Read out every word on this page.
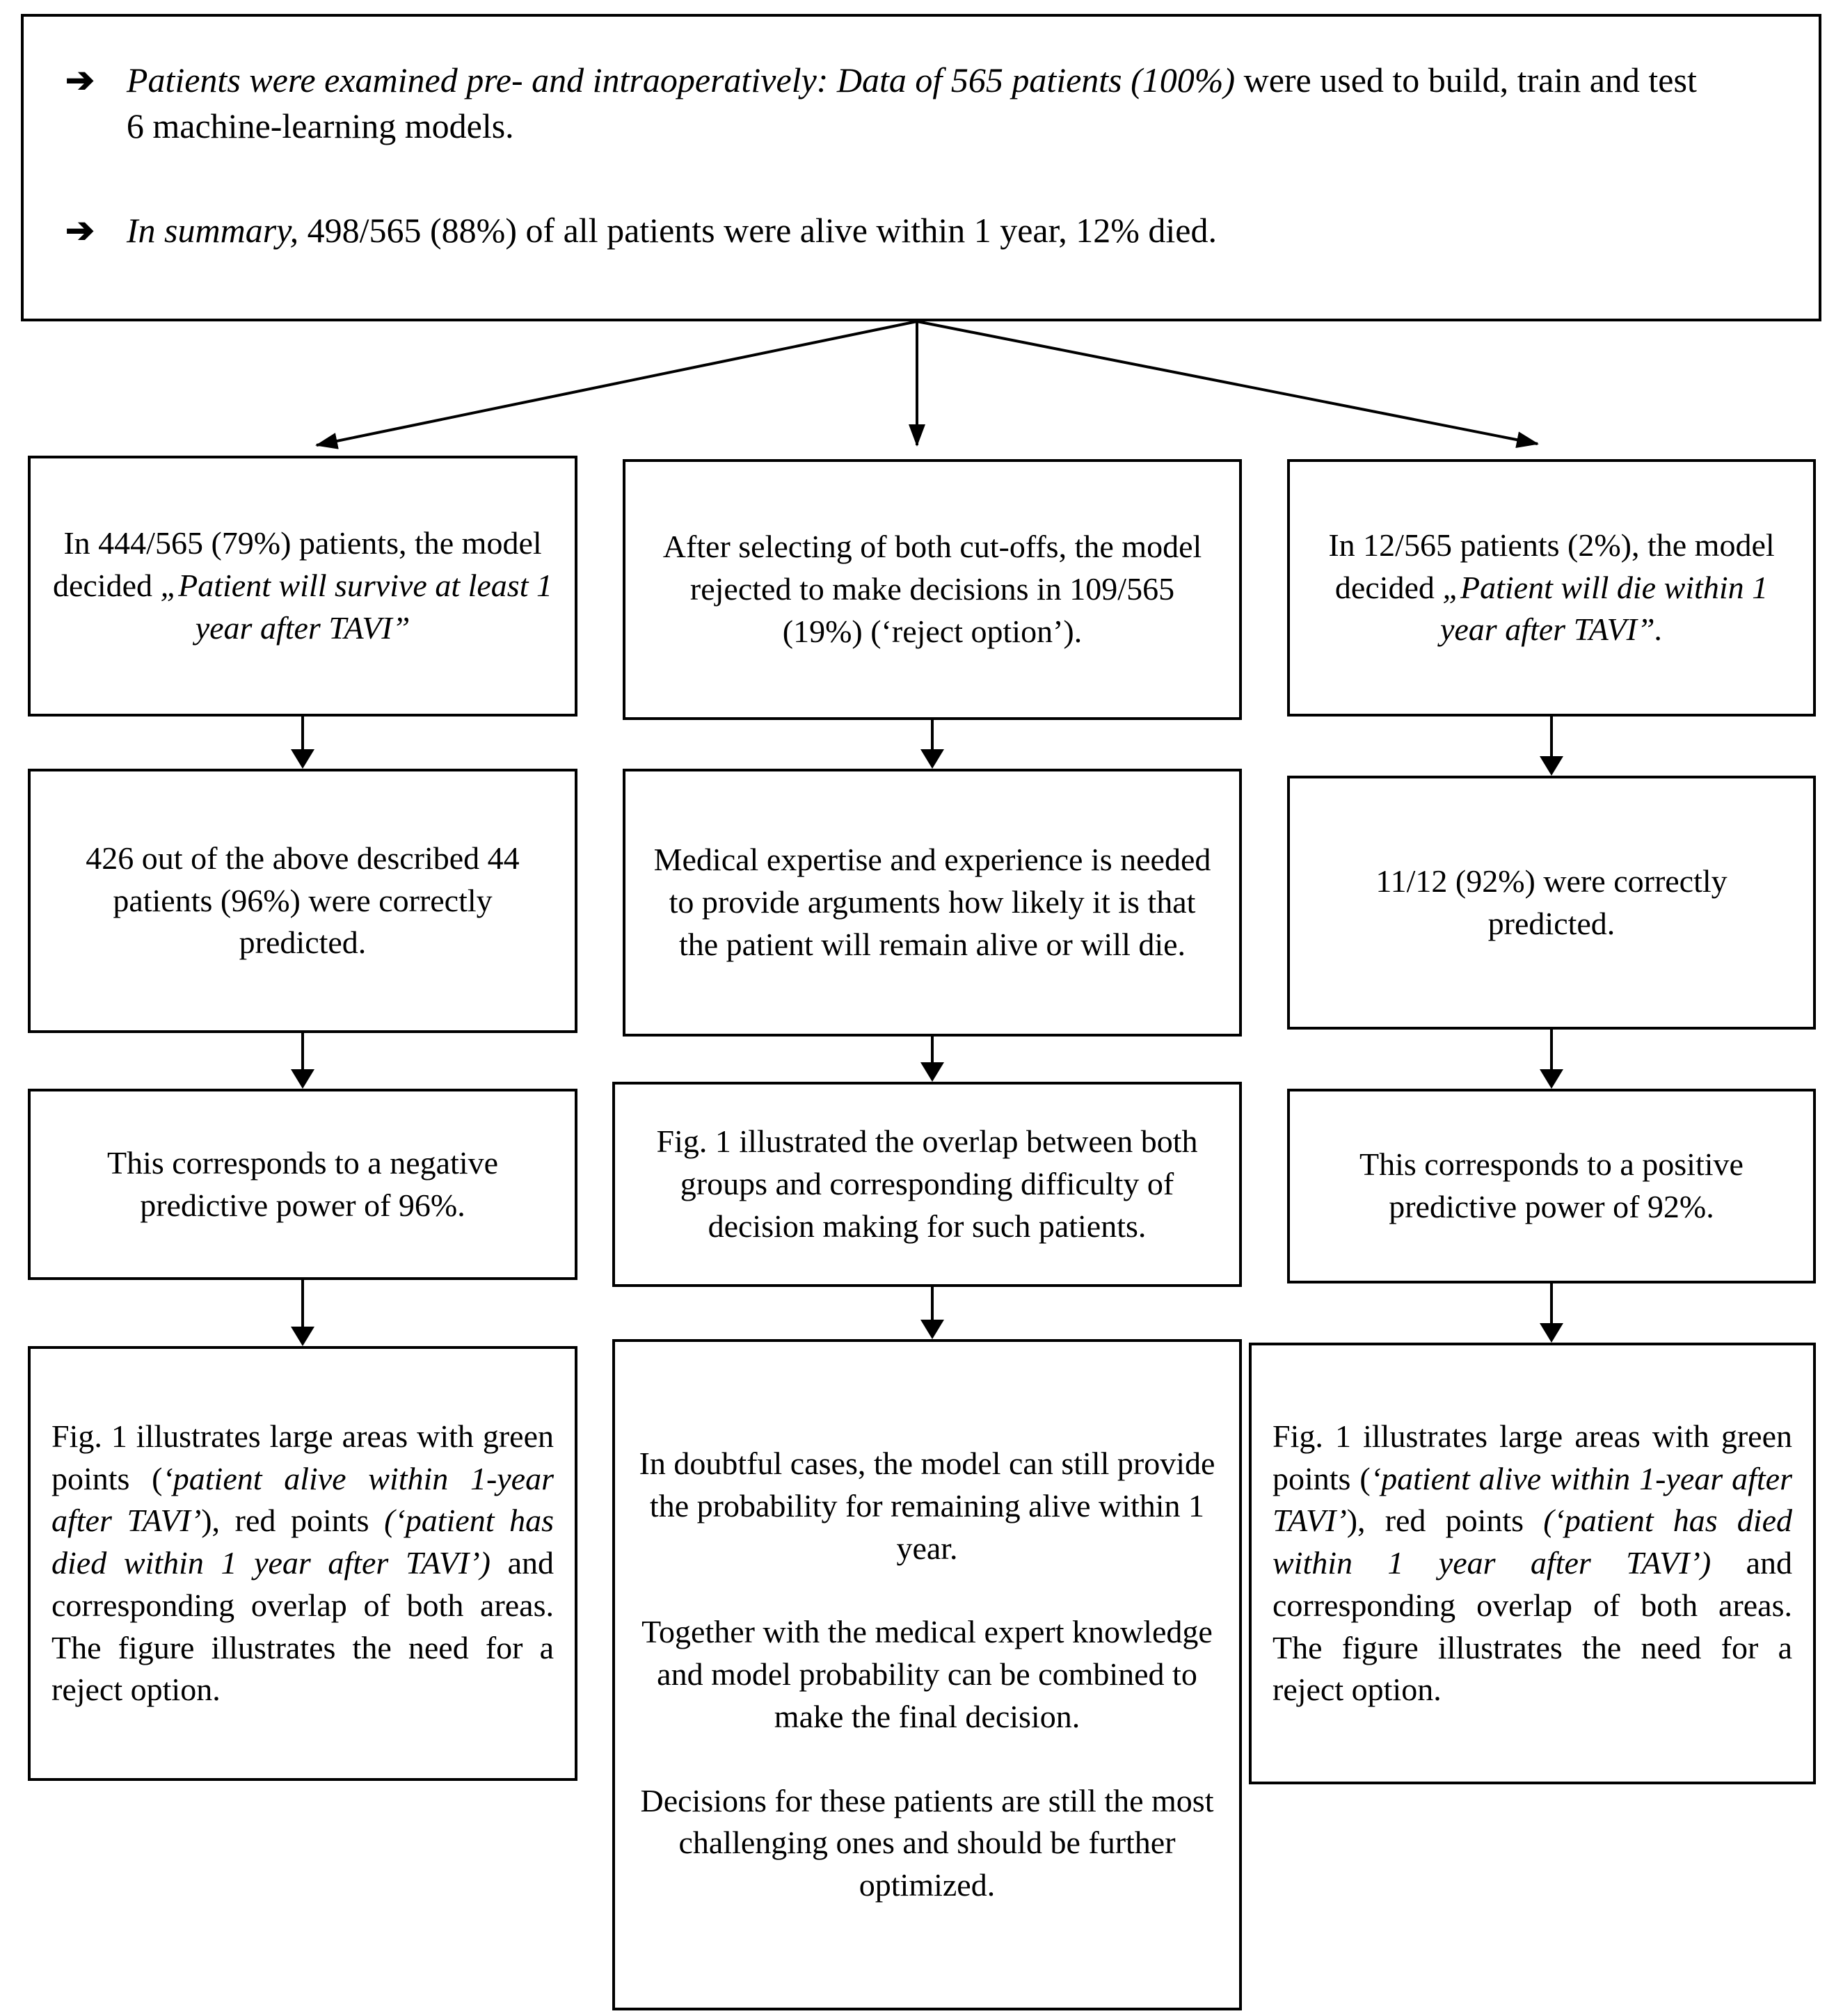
➔ Patients were examined pre- and intraoperatively: Data of 565 patients (100%) were used to build, train and test 6 machine-learning models.
➔ In summary, 498/565 (88%) of all patients were alive within 1 year, 12% died.
In 444/565 (79%) patients, the model decided „Patient will survive at least 1 year after TAVI”
426 out of the above described 44 patients (96%) were correctly predicted.
This corresponds to a negative predictive power of 96%.
Fig. 1 illustrates large areas with green points (‘patient alive within 1-year after TAVI’), red points (‘patient has died within 1 year after TAVI’) and corresponding overlap of both areas. The figure illustrates the need for a reject option.
After selecting of both cut-offs, the model rejected to make decisions in 109/565 (19%) (‘reject option’).
Medical expertise and experience is needed to provide arguments how likely it is that the patient will remain alive or will die.
Fig. 1 illustrated the overlap between both groups and corresponding difficulty of decision making for such patients.
In doubtful cases, the model can still provide the probability for remaining alive within 1 year.
Together with the medical expert knowledge and model probability can be combined to make the final decision.
Decisions for these patients are still the most challenging ones and should be further optimized.
In 12/565 patients (2%), the model decided „Patient will die within 1 year after TAVI”.
11/12 (92%) were correctly predicted.
This corresponds to a positive predictive power of 92%.
Fig. 1 illustrates large areas with green points (‘patient alive within 1-year after TAVI’), red points (‘patient has died within 1 year after TAVI’) and corresponding overlap of both areas. The figure illustrates the need for a reject option.
